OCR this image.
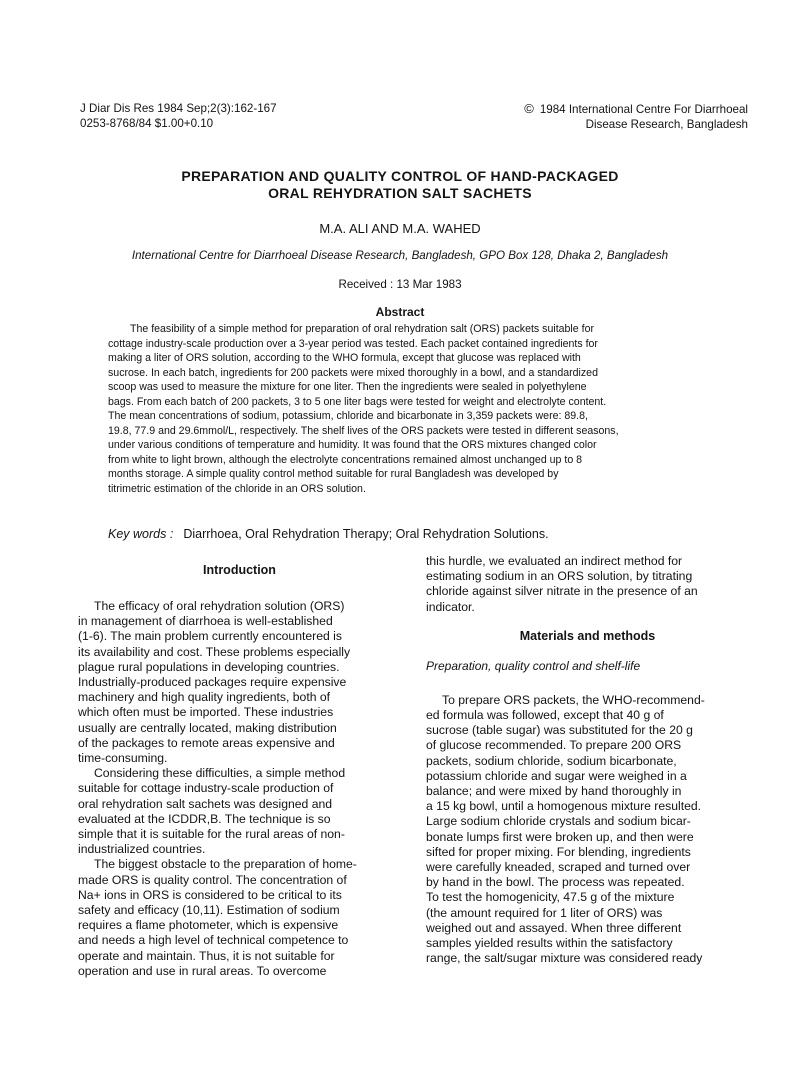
J Diar Dis Res 1984 Sep;2(3):162-167
0253-8768/84 $1.00+0.10
© 1984 International Centre For Diarrhoeal
Disease Research, Bangladesh
PREPARATION AND QUALITY CONTROL OF HAND-PACKAGED
ORAL REHYDRATION SALT SACHETS
M.A. ALI AND M.A. WAHED
International Centre for Diarrhoeal Disease Research, Bangladesh, GPO Box 128, Dhaka 2, Bangladesh
Received : 13 Mar 1983
Abstract
The feasibility of a simple method for preparation of oral rehydration salt (ORS) packets suitable for
cottage industry-scale production over a 3-year period was tested. Each packet contained ingredients for
making a liter of ORS solution, according to the WHO formula, except that glucose was replaced with
sucrose. In each batch, ingredients for 200 packets were mixed thoroughly in a bowl, and a standardized
scoop was used to measure the mixture for one liter. Then the ingredients were sealed in polyethylene
bags. From each batch of 200 packets, 3 to 5 one liter bags were tested for weight and electrolyte content.
The mean concentrations of sodium, potassium, chloride and bicarbonate in 3,359 packets were: 89.8,
19.8, 77.9 and 29.6mmol/L, respectively. The shelf lives of the ORS packets were tested in different seasons,
under various conditions of temperature and humidity. It was found that the ORS mixtures changed color
from white to light brown, although the electrolyte concentrations remained almost unchanged up to 8
months storage. A simple quality control method suitable for rural Bangladesh was developed by
titrimetric estimation of the chloride in an ORS solution.

Key words : Diarrhoea, Oral Rehydration Therapy; Oral Rehydration Solutions.

Introduction

The efficacy of oral rehydration solution (ORS)
in management of diarrhoea is well-established
(1-6). The main problem currently encountered is
its availability and cost. These problems especially
plague rural populations in developing countries.
Industrially-produced packages require expensive
machinery and high quality ingredients, both of
which often must be imported. These industries
usually are centrally located, making distribution
of the packages to remote areas expensive and
time-consuming.

Considering these difficulties, a simple method
suitable for cottage industry-scale production of
oral rehydration salt sachets was designed and
evaluated at the ICDDR,B. The technique is so
simple that it is suitable for the rural areas of non-
industrialized countries.

The biggest obstacle to the preparation of home-
made ORS is quality control. The concentration of
Na+ ions in ORS is considered to be critical to its
safety and efficacy (10,11). Estimation of sodium
requires a flame photometer, which is expensive
and needs a high level of technical competence to
operate and maintain. Thus, it is not suitable for
operation and use in rural areas. To overcome

this hurdle, we evaluated an indirect method for
estimating sodium in an ORS solution, by titrating
chloride against silver nitrate in the presence of an
indicator.

Materials and methods
Preparation, quality control and shelf-life

To prepare ORS packets, the WHO-recommend-
ed formula was followed, except that 40 g of
sucrose (table sugar) was substituted for the 20 g
of glucose recommended. To prepare 200 ORS
packets, sodium chloride, sodium bicarbonate,
potassium chloride and sugar were weighed in a
balance; and were mixed by hand thoroughly in
a 15 kg bowl, until a homogenous mixture resulted.
Large sodium chloride crystals and sodium bicar-
bonate lumps first were broken up, and then were
sifted for proper mixing. For blending, ingredients
were carefully kneaded, scraped and turned over
by hand in the bowl. The process was repeated.
To test the homogenicity, 47.5 g of the mixture
(the amount required for 1 liter of ORS) was
weighed out and assayed. When three different
samples yielded results within the satisfactory
range, the salt/sugar mixture was considered ready
